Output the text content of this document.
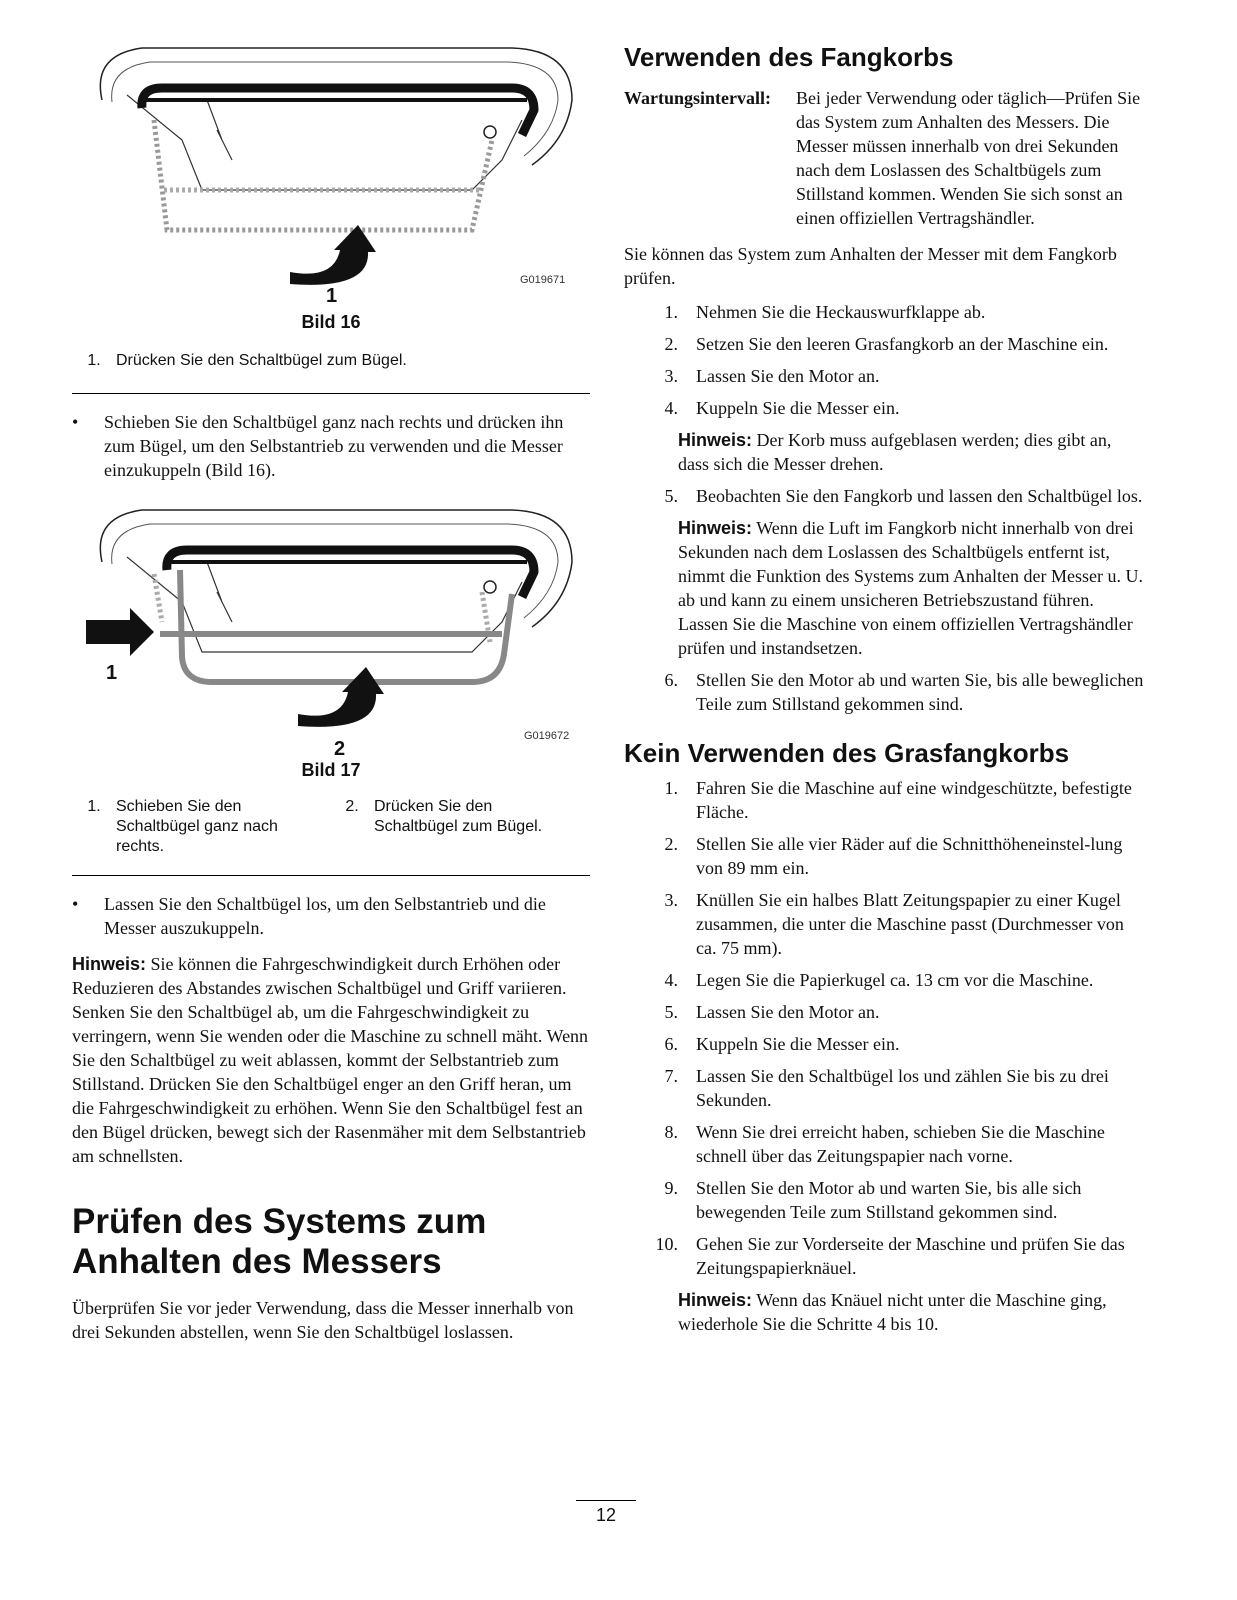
G019671
1
Bild 16
1. Drücken Sie den Schaltbügel zum Bügel.
•	Schieben Sie den Schaltbügel ganz nach rechts und drücken ihn zum Bügel, um den Selbstantrieb zu verwenden und die Messer einzukuppeln (Bild 16).
G019672
1
2
Bild 17
1. Schieben Sie den Schaltbügel ganz nach rechts.
2. Drücken Sie den Schaltbügel zum Bügel.
•	Lassen Sie den Schaltbügel los, um den Selbstantrieb und die Messer auszukuppeln.
Hinweis: Sie können die Fahrgeschwindigkeit durch Erhöhen oder Reduzieren des Abstandes zwischen Schaltbügel und Griff variieren. Senken Sie den Schaltbügel ab, um die Fahrgeschwindigkeit zu verringern, wenn Sie wenden oder die Maschine zu schnell mäht. Wenn Sie den Schaltbügel zu weit ablassen, kommt der Selbstantrieb zum Stillstand. Drücken Sie den Schaltbügel enger an den Griff heran, um die Fahrgeschwindigkeit zu erhöhen. Wenn Sie den Schaltbügel fest an den Bügel drücken, bewegt sich der Rasenmäher mit dem Selbstantrieb am schnellsten.
Prüfen des Systems zum
Anhalten des Messers
Überprüfen Sie vor jeder Verwendung, dass die Messer innerhalb von drei Sekunden abstellen, wenn Sie den Schaltbügel loslassen.
Verwenden des Fangkorbs
Wartungsintervall:	Bei jeder Verwendung oder täglich—Prüfen Sie das System zum Anhalten des Messers. Die Messer müssen innerhalb von drei Sekunden nach dem Loslassen des Schaltbügels zum Stillstand kommen. Wenden Sie sich sonst an einen offiziellen Vertragshändler.
Sie können das System zum Anhalten der Messer mit dem Fangkorb prüfen.
1.	Nehmen Sie die Heckauswurfklappe ab.
2.	Setzen Sie den leeren Grasfangkorb an der Maschine ein.
3.	Lassen Sie den Motor an.
4.	Kuppeln Sie die Messer ein.
Hinweis: Der Korb muss aufgeblasen werden; dies gibt an, dass sich die Messer drehen.
5.	Beobachten Sie den Fangkorb und lassen den Schaltbügel los.
Hinweis: Wenn die Luft im Fangkorb nicht innerhalb von drei Sekunden nach dem Loslassen des Schaltbügels entfernt ist, nimmt die Funktion des Systems zum Anhalten der Messer u. U. ab und kann zu einem unsicheren Betriebszustand führen. Lassen Sie die Maschine von einem offiziellen Vertragshändler prüfen und instandsetzen.
6.	Stellen Sie den Motor ab und warten Sie, bis alle beweglichen Teile zum Stillstand gekommen sind.
Kein Verwenden des Grasfangkorbs
1.	Fahren Sie die Maschine auf eine windgeschützte, befestigte Fläche.
2.	Stellen Sie alle vier Räder auf die Schnitthöheneinstel-lung von 89 mm ein.
3.	Knüllen Sie ein halbes Blatt Zeitungspapier zu einer Kugel zusammen, die unter die Maschine passt (Durchmesser von ca. 75 mm).
4.	Legen Sie die Papierkugel ca. 13 cm vor die Maschine.
5.	Lassen Sie den Motor an.
6.	Kuppeln Sie die Messer ein.
7.	Lassen Sie den Schaltbügel los und zählen Sie bis zu drei Sekunden.
8.	Wenn Sie drei erreicht haben, schieben Sie die Maschine schnell über das Zeitungspapier nach vorne.
9.	Stellen Sie den Motor ab und warten Sie, bis alle sich bewegenden Teile zum Stillstand gekommen sind.
10.	Gehen Sie zur Vorderseite der Maschine und prüfen Sie das Zeitungspapierknäuel.
Hinweis: Wenn das Knäuel nicht unter die Maschine ging, wiederhole Sie die Schritte 4 bis 10.
12
